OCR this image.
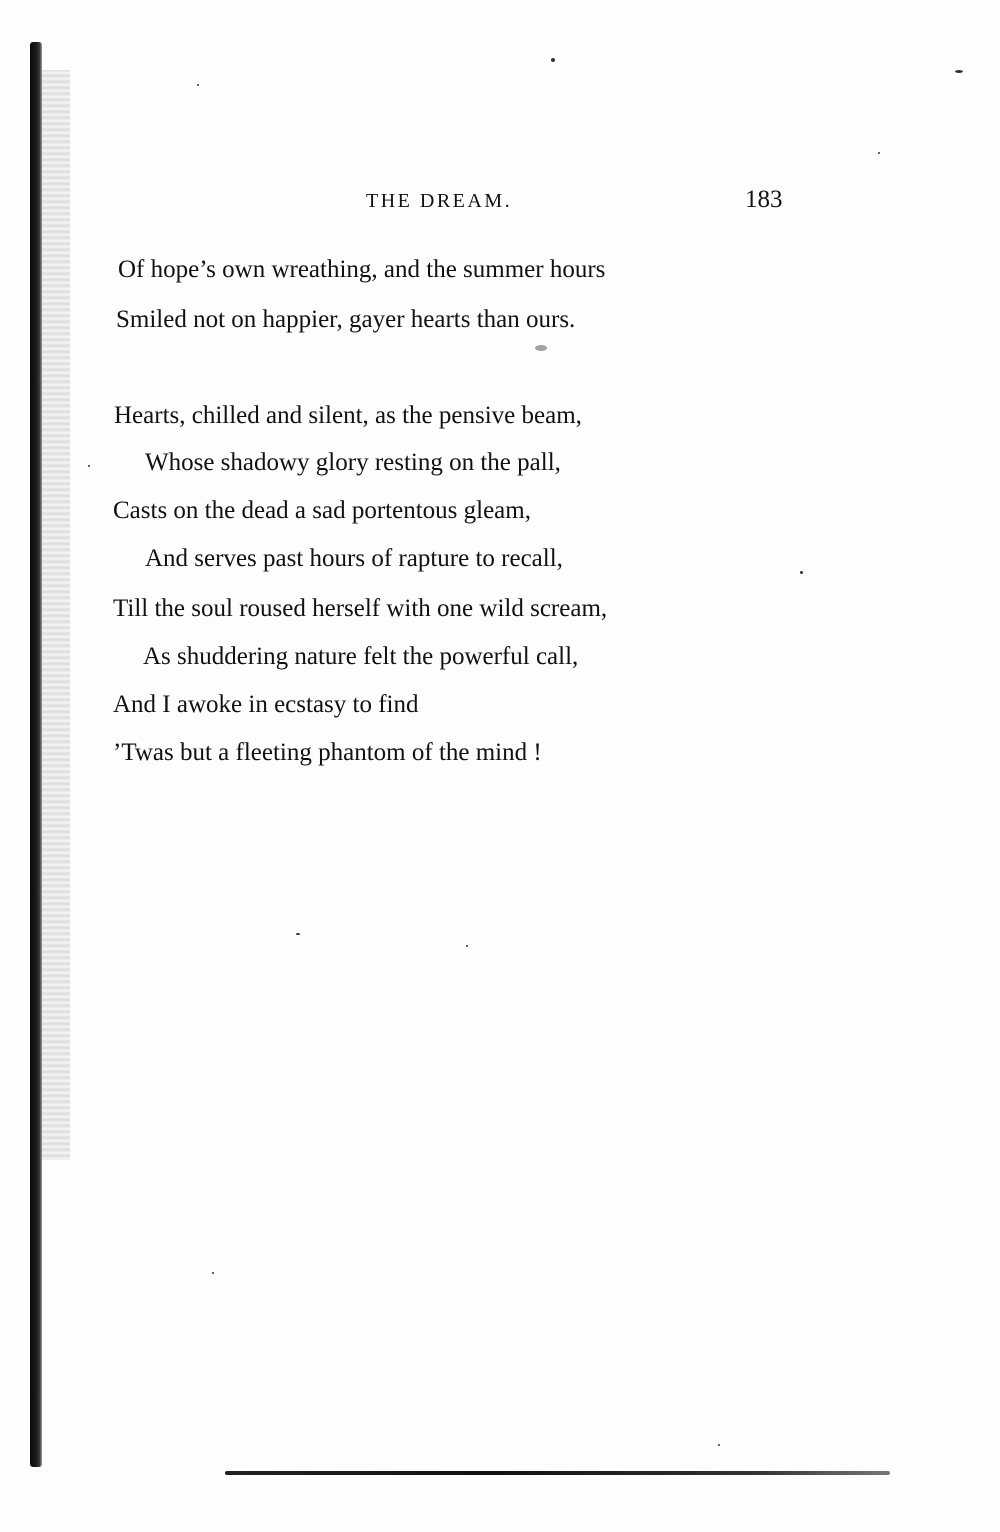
THE DREAM.	183
Of hope’s own wreathing, and the summer hours
Smiled not on happier, gayer hearts than ours.
Hearts, chilled and silent, as the pensive beam,
Whose shadowy glory resting on the pall,
Casts on the dead a sad portentous gleam,
And serves past hours of rapture to recall,
Till the soul roused herself with one wild scream,
As shuddering nature felt the powerful call,
And I awoke in ecstasy to find
’Twas but a fleeting phantom of the mind !
